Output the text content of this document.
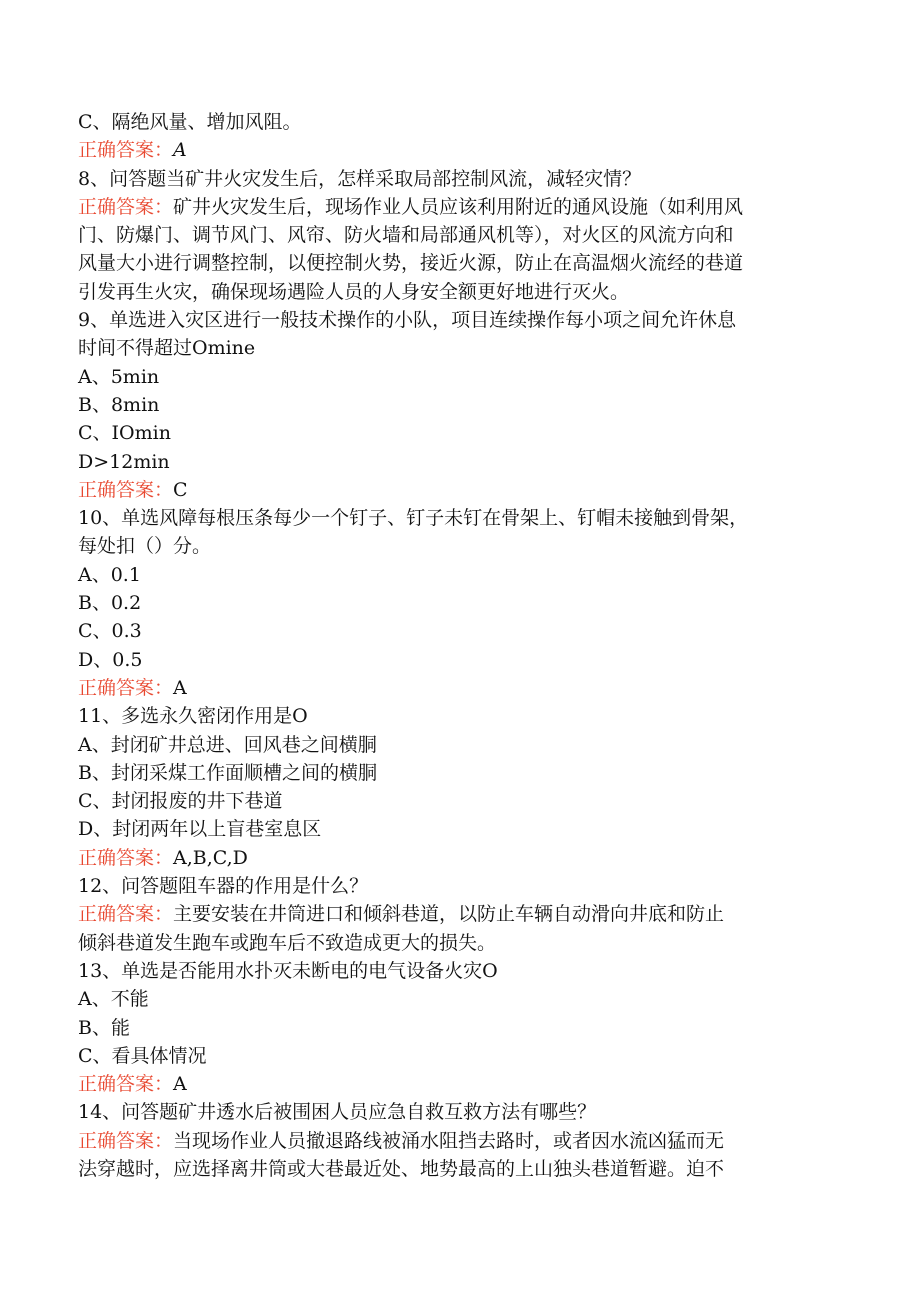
C、隔绝风量、增加风阻。
正确答案：A
8、问答题当矿井火灾发生后，怎样采取局部控制风流，减轻灾情？
正确答案：矿井火灾发生后，现场作业人员应该利用附近的通风设施（如利用风
门、防爆门、调节风门、风帘、防火墙和局部通风机等），对火区的风流方向和
风量大小进行调整控制，以便控制火势，接近火源，防止在高温烟火流经的巷道
引发再生火灾，确保现场遇险人员的人身安全额更好地进行灭火。
9、单选进入灾区进行一般技术操作的小队，项目连续操作每小项之间允许休息
时间不得超过Omine
A、5min
B、8min
C、IOmin
D>12min
正确答案：C
10、单选风障每根压条每少一个钉子、钉子未钉在骨架上、钉帽未接触到骨架，
每处扣（）分。
A、0.1
B、0.2
C、0.3
D、0.5
正确答案：A
11、多选永久密闭作用是O
A、封闭矿井总进、回风巷之间横胴
B、封闭采煤工作面顺槽之间的横胴
C、封闭报废的井下巷道
D、封闭两年以上盲巷室息区
正确答案：A,B,C,D
12、问答题阻车器的作用是什么？
正确答案：主要安装在井筒进口和倾斜巷道，以防止车辆自动滑向井底和防止
倾斜巷道发生跑车或跑车后不致造成更大的损失。
13、单选是否能用水扑灭未断电的电气设备火灾O
A、不能
B、能
C、看具体情况
正确答案：A
14、问答题矿井透水后被围困人员应急自救互救方法有哪些？
正确答案：当现场作业人员撤退路线被涌水阻挡去路时，或者因水流凶猛而无
法穿越时，应选择离井筒或大巷最近处、地势最高的上山独头巷道暂避。迫不
